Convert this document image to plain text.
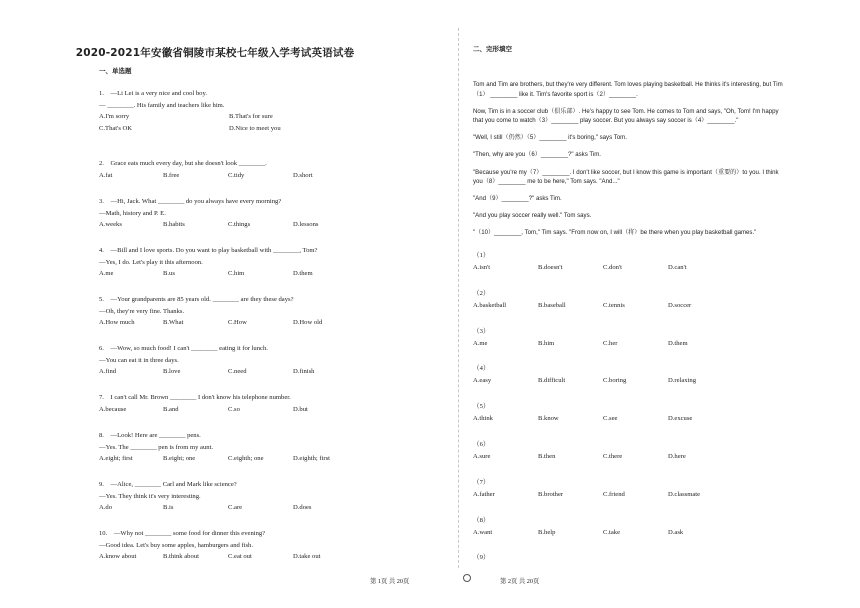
2020-2021年安徽省铜陵市某校七年级入学考试英语试卷
一、单选题
1.　—Li Lei is a very nice and cool boy.
— ________. His family and teachers like him.
A.I'm sorry	B.That's for sure
C.That's OK	D.Nice to meet you
2.　Grace eats much every day, but she doesn't look ________.
A.fat	B.free	C.tidy	D.short
3.　—Hi, Jack. What ________ do you always have every morning?
—Math, history and P. E.
A.weeks	B.habits	C.things	D.lessons
4.　—Bill and I love sports. Do you want to play basketball with ________, Tom?
—Yes, I do. Let's play it this afternoon.
A.me	B.us	C.him	D.them
5.　—Your grandparents are 85 years old. ________ are they these days?
—Oh, they're very fine. Thanks.
A.How much	B.What	C.How	D.How old
6.　—Wow, so much food! I can't ________ eating it for lunch.
—You can eat it in three days.
A.find	B.love	C.need	D.finish
7.　I can't call Mr. Brown ________ I don't know his telephone number.
A.because	B.and	C.so	D.but
8.　—Look! Here are ________ pens.
—Yes. The ________ pen is from my aunt.
A.eight; first	B.eight; one	C.eighth; one	D.eighth; first
9.　—Alice, ________ Carl and Mark like science?
—Yes. They think it's very interesting.
A.do	B.is	C.are	D.does
10.　—Why not ________ some food for dinner this evening?
—Good idea. Let's buy some apples, hamburgers and fish.
A.know about	B.think about	C.eat out	D.take out
第 1页 共 20页
二、完形填空
第 2页 共 20页

Tom and Tim are brothers, but they're very different. Tom loves playing basketball. He thinks it's interesting, but Tim
（1） ________ like it. Tim's favorite sport is（2）________.

Now, Tim is in a soccer club（俱乐部）. He's happy to see Tom. He comes to Tom and says, "Oh, Tom! I'm happy
that you come to watch（3）________ play soccer. But you always say soccer is（4）________."

"Well, I still（仍然）（5）________ it's boring," says Tom.

"Then, why are you（6）________?" asks Tim.

"Because you're my（7）________. I don't like soccer, but I know this game is important（重要的）to you. I think
you（8）________ me to be here," Tom says. "And..."

"And（9）________?" asks Tim.

"And you play soccer really well." Tom says.

"（10）________, Tom," Tim says. "From now on, I will（将）be there when you play basketball games."

（1）
A.isn't	B.doesn't	C.don't	D.can't
（2）
A.basketball	B.baseball	C.tennis	D.soccer
（3）
A.me	B.him	C.her	D.them
（4）
A.easy	B.difficult	C.boring	D.relaxing
（5）
A.think	B.know	C.see	D.excuse
（6）
A.sure	B.then	C.there	D.here
（7）
A.father	B.brother	C.friend	D.classmate
（8）
A.want	B.help	C.take	D.ask
（9）
